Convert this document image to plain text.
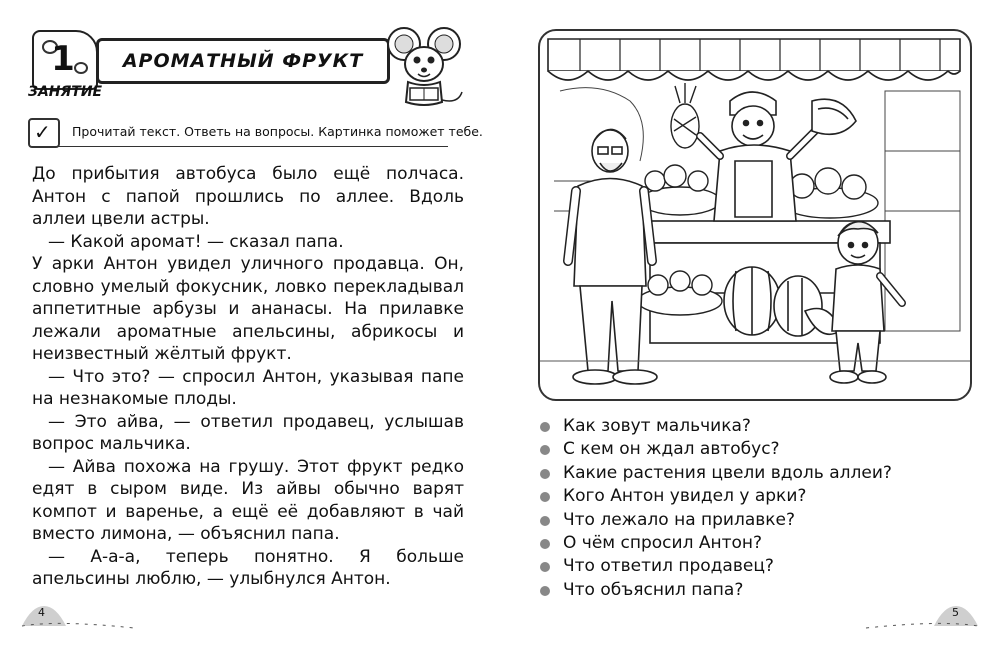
1
ЗАНЯТИЕ
АРОМАТНЫЙ ФРУКТ
✓ Прочитай текст. Ответь на вопросы. Картинка поможет тебе.

До прибытия автобуса было ещё полчаса. Антон с папой прошлись по аллее. Вдоль аллеи цвели астры.

— Какой аромат! — сказал папа.

У арки Антон увидел уличного продавца. Он, словно умелый фокусник, ловко перекладывал аппетитные арбузы и ананасы. На прилавке лежали ароматные апельсины, абрикосы и неизвестный жёлтый фрукт.

— Что это? — спросил Антон, указывая папе на незнакомые плоды.

— Это айва, — ответил продавец, услышав вопрос мальчика.

— Айва похожа на грушу. Этот фрукт редко едят в сыром виде. Из айвы обычно варят компот и варенье, а ещё её добавляют в чай вместо лимона, — объяснил папа.

— А-а-а, теперь понятно. Я больше апельсины люблю, — улыбнулся Антон.

Как зовут мальчика?
С кем он ждал автобус?
Какие растения цвели вдоль аллеи?
Кого Антон увидел у арки?
Что лежало на прилавке?
О чём спросил Антон?
Что ответил продавец?
Что объяснил папа?
4	5
